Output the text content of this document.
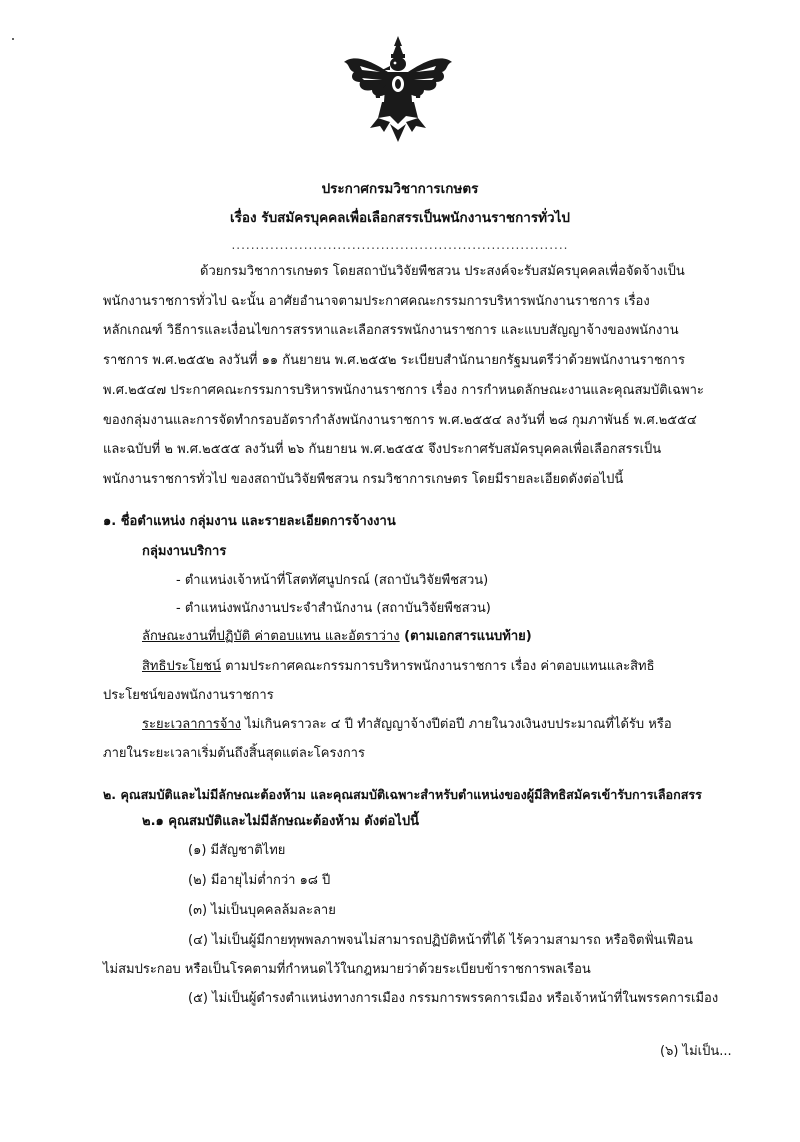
ประกาศกรมวิชาการเกษตร
เรื่อง รับสมัครบุคคลเพื่อเลือกสรรเป็นพนักงานราชการทั่วไป
......................................................................
ด้วยกรมวิชาการเกษตร โดยสถาบันวิจัยพืชสวน ประสงค์จะรับสมัครบุคคลเพื่อจัดจ้างเป็น
พนักงานราชการทั่วไป ฉะนั้น อาศัยอำนาจตามประกาศคณะกรรมการบริหารพนักงานราชการ เรื่อง
หลักเกณฑ์ วิธีการและเงื่อนไขการสรรหาและเลือกสรรพนักงานราชการ และแบบสัญญาจ้างของพนักงาน
ราชการ พ.ศ.๒๕๕๒ ลงวันที่ ๑๑ กันยายน พ.ศ.๒๕๕๒ ระเบียบสำนักนายกรัฐมนตรีว่าด้วยพนักงานราชการ
พ.ศ.๒๕๔๗ ประกาศคณะกรรมการบริหารพนักงานราชการ เรื่อง การกำหนดลักษณะงานและคุณสมบัติเฉพาะ
ของกลุ่มงานและการจัดทำกรอบอัตรากำลังพนักงานราชการ พ.ศ.๒๕๕๔ ลงวันที่ ๒๘ กุมภาพันธ์ พ.ศ.๒๕๕๔
และฉบับที่ ๒ พ.ศ.๒๕๕๕ ลงวันที่ ๒๖ กันยายน พ.ศ.๒๕๕๕ จึงประกาศรับสมัครบุคคลเพื่อเลือกสรรเป็น
พนักงานราชการทั่วไป ของสถาบันวิจัยพืชสวน กรมวิชาการเกษตร โดยมีรายละเอียดดังต่อไปนี้
๑. ชื่อตำแหน่ง กลุ่มงาน และรายละเอียดการจ้างงาน
กลุ่มงานบริการ
- ตำแหน่งเจ้าหน้าที่โสตทัศนูปกรณ์ (สถาบันวิจัยพืชสวน)
- ตำแหน่งพนักงานประจำสำนักงาน (สถาบันวิจัยพืชสวน)
ลักษณะงานที่ปฏิบัติ ค่าตอบแทน และอัตราว่าง (ตามเอกสารแนบท้าย)
สิทธิประโยชน์ ตามประกาศคณะกรรมการบริหารพนักงานราชการ เรื่อง ค่าตอบแทนและสิทธิ
ประโยชน์ของพนักงานราชการ
ระยะเวลาการจ้าง ไม่เกินคราวละ ๔ ปี ทำสัญญาจ้างปีต่อปี ภายในวงเงินงบประมาณที่ได้รับ หรือ
ภายในระยะเวลาเริ่มต้นถึงสิ้นสุดแต่ละโครงการ
๒. คุณสมบัติและไม่มีลักษณะต้องห้าม และคุณสมบัติเฉพาะสำหรับตำแหน่งของผู้มีสิทธิสมัครเข้ารับการเลือกสรร
๒.๑ คุณสมบัติและไม่มีลักษณะต้องห้าม ดังต่อไปนี้
(๑) มีสัญชาติไทย
(๒) มีอายุไม่ต่ำกว่า ๑๘ ปี
(๓) ไม่เป็นบุคคลล้มละลาย
(๔) ไม่เป็นผู้มีกายทุพพลภาพจนไม่สามารถปฏิบัติหน้าที่ได้ ไร้ความสามารถ หรือจิตฟั่นเฟือน
ไม่สมประกอบ หรือเป็นโรคตามที่กำหนดไว้ในกฎหมายว่าด้วยระเบียบข้าราชการพลเรือน
(๕) ไม่เป็นผู้ดำรงตำแหน่งทางการเมือง กรรมการพรรคการเมือง หรือเจ้าหน้าที่ในพรรคการเมือง
(๖) ไม่เป็น...
